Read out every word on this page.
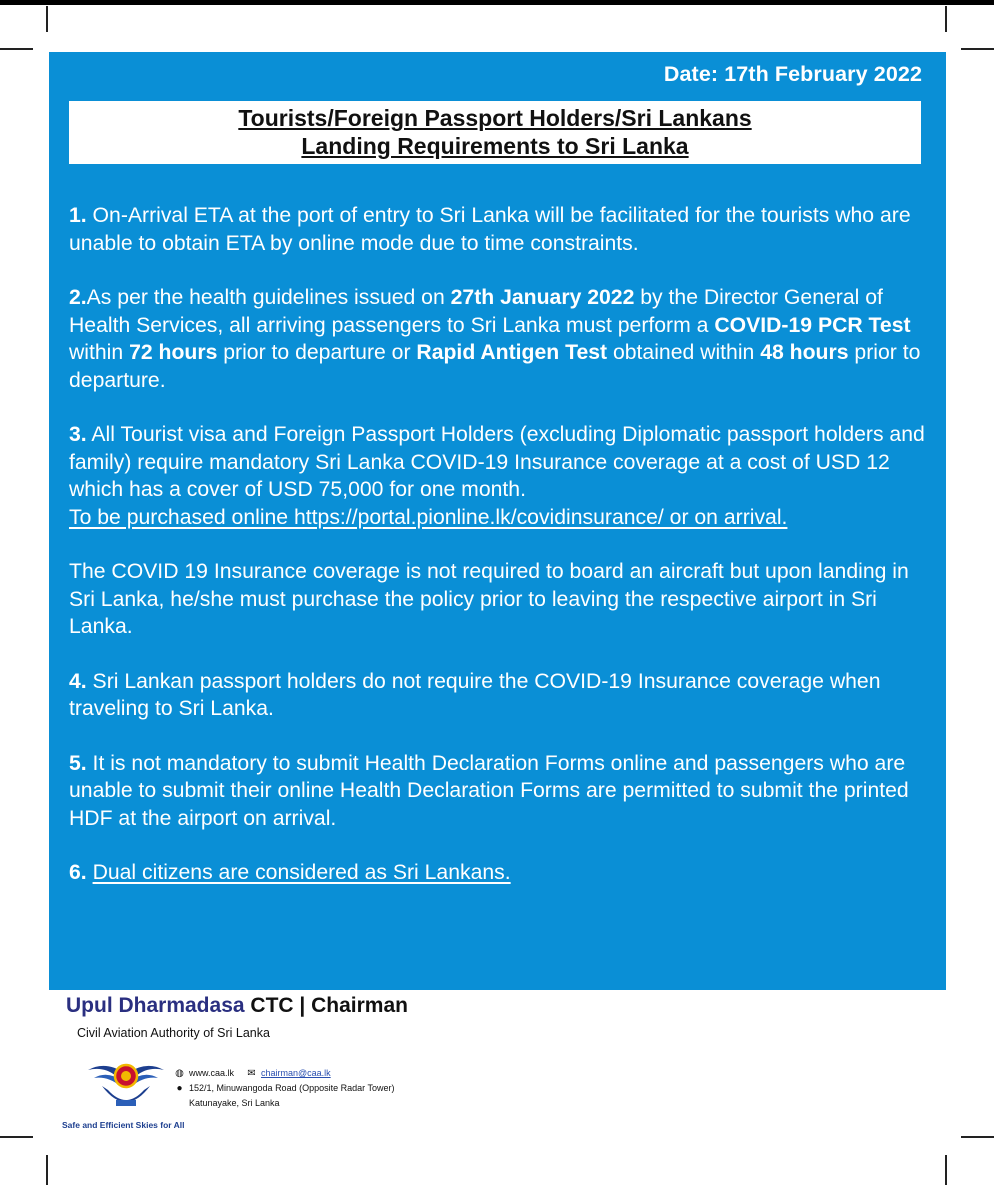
Date: 17th February 2022
Tourists/Foreign Passport Holders/Sri Lankans
Landing Requirements to Sri Lanka

1. On-Arrival ETA at the port of entry to Sri Lanka will be facilitated for the tourists who are unable to obtain ETA by online mode due to time constraints.

2.As per the health guidelines issued on 27th January 2022 by the Director General of Health Services, all arriving passengers to Sri Lanka must perform a COVID-19 PCR Test within 72 hours prior to departure or Rapid Antigen Test obtained within 48 hours prior to departure.

3. All Tourist visa and Foreign Passport Holders (excluding Diplomatic passport holders and family) require mandatory Sri Lanka COVID-19 Insurance coverage at a cost of USD 12 which has a cover of USD 75,000 for one month.

To be purchased online https://portal.pionline.lk/covidinsurance/ or on arrival.

The COVID 19 Insurance coverage is not required to board an aircraft but upon landing in Sri Lanka, he/she must purchase the policy prior to leaving the respective airport in Sri Lanka.

4. Sri Lankan passport holders do not require the COVID-19 Insurance coverage when traveling to Sri Lanka.

5. It is not mandatory to submit Health Declaration Forms online and passengers who are unable to submit their online Health Declaration Forms are permitted to submit the printed HDF at the airport on arrival.

6. Dual citizens are considered as Sri Lankans.

Upul Dharmadasa CTC | Chairman
Civil Aviation Authority of Sri Lanka
◍ www.caa.lk ✉ chairman@caa.lk
● 152/1, Minuwangoda Road (Opposite Radar Tower)
Katunayake, Sri Lanka
Safe and Efficient Skies for All
